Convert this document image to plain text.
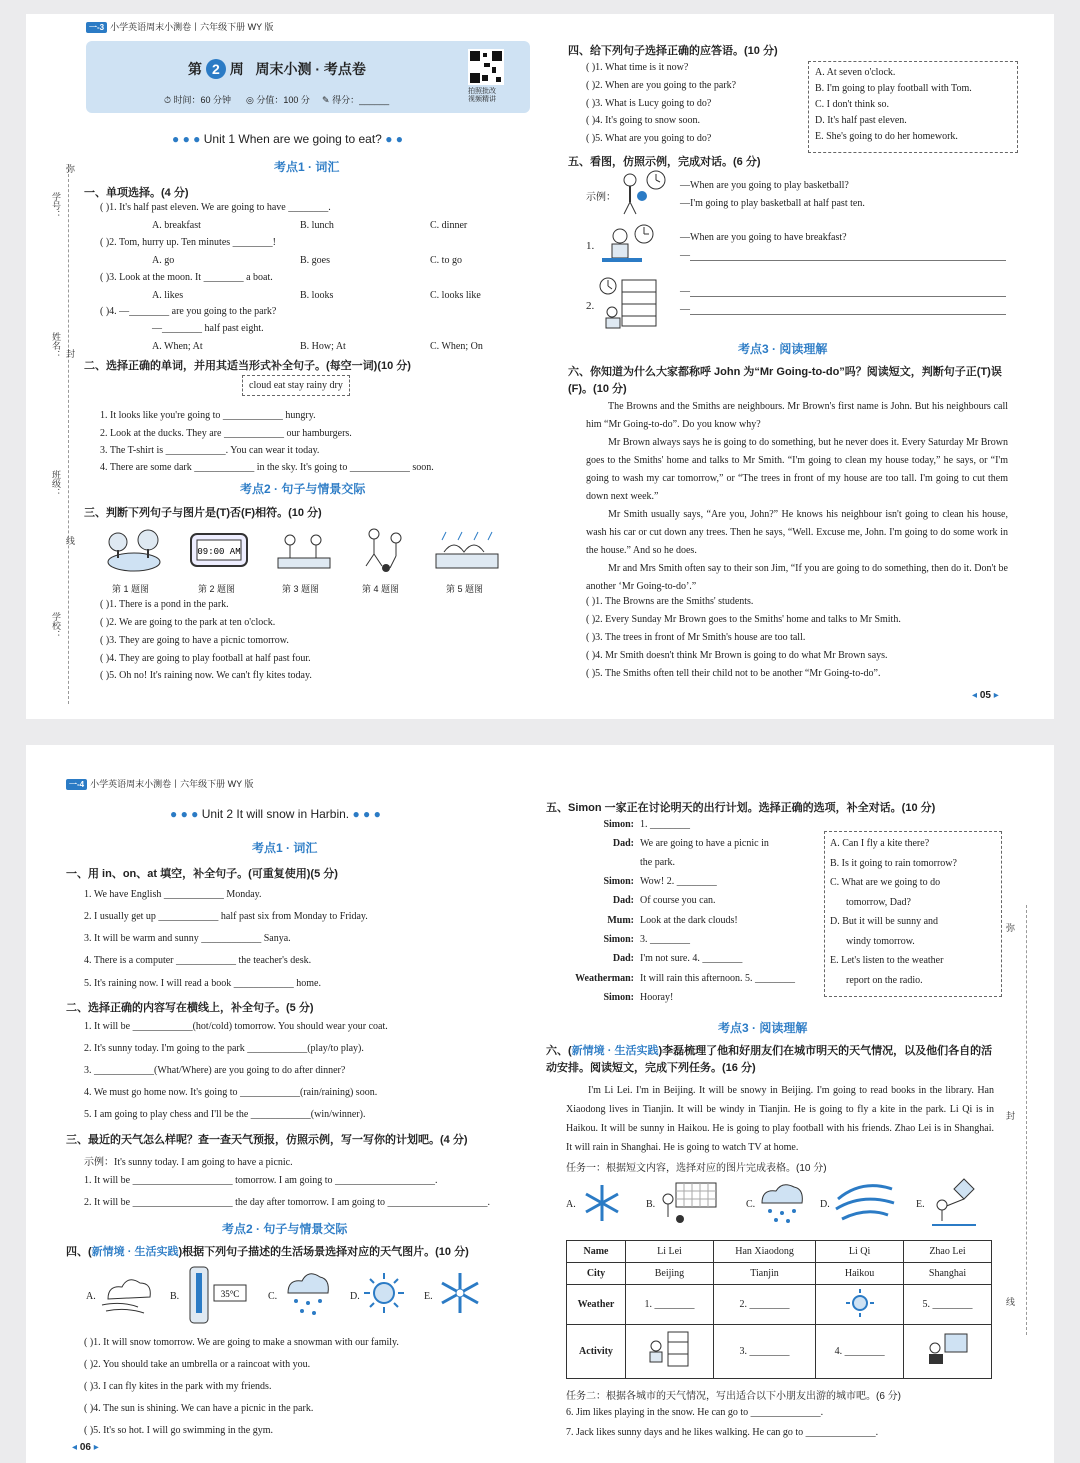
一-3 小学英语周末小测卷丨六年级下册 WY 版
第 2 周 周末小测 · 考点卷
⏱ 时间：60 分钟 ◎ 分值：100 分 ✎ 得分：______
拍照批改
视频精讲
● ● ● Unit 1 When are we going to eat? ● ●
考点1 · 词汇
一、单项选择。(4 分)
( )1. It's half past eleven. We are going to have ________.
A. breakfast	B. lunch	C. dinner
( )2. Tom, hurry up. Ten minutes ________!
A. go	B. goes	C. to go
( )3. Look at the moon. It ________ a boat.
A. likes	B. looks	C. looks like
( )4. —________ are you going to the park?
—________ half past eight.
A. When; At	B. How; At	C. When; On
二、选择正确的单词，并用其适当形式补全句子。(每空一词)(10 分)
cloud eat stay rainy dry
1. It looks like you're going to ____________ hungry.
2. Look at the ducks. They are ____________ our hamburgers.
3. The T-shirt is ____________. You can wear it today.
4. There are some dark ____________ in the sky. It's going to ____________ soon.
考点2 · 句子与情景交际
三、判断下列句子与图片是(T)否(F)相符。(10 分)
09:00 AM
第 1 题图	第 2 题图	第 3 题图	第 4 题图	第 5 题图
( )1. There is a pond in the park.
( )2. We are going to the park at ten o'clock.
( )3. They are going to have a picnic tomorrow.
( )4. They are going to play football at half past four.
( )5. Oh no! It's raining now. We can't fly kites today.
弥
封
线
学号：
姓名：
班级：
学校：
四、给下列句子选择正确的应答语。(10 分)
( )1. What time is it now?
( )2. When are you going to the park?
( )3. What is Lucy going to do?
( )4. It's going to snow soon.
( )5. What are you going to do?
A. At seven o'clock.
B. I'm going to play football with Tom.
C. I don't think so.
D. It's half past eleven.
E. She's going to do her homework.
五、看图，仿照示例，完成对话。(6 分)
示例：
—When are you going to play basketball?
—I'm going to play basketball at half past ten.
1.
—When are you going to have breakfast?
—
2.
—
—
考点3 · 阅读理解
六、你知道为什么大家都称呼 John 为“Mr Going-to-do”吗？阅读短文，判断句子正(T)误(F)。(10 分)
The Browns and the Smiths are neighbours. Mr Brown's first name is John. But his neighbours call him “Mr Going-to-do”. Do you know why?
Mr Brown always says he is going to do something, but he never does it. Every Saturday Mr Brown goes to the Smiths' home and talks to Mr Smith. “I'm going to clean my house today,” he says, or “I'm going to wash my car tomorrow,” or “The trees in front of my house are too tall. I'm going to cut them down next week.”
Mr Smith usually says, “Are you, John?” He knows his neighbour isn't going to clean his house, wash his car or cut down any trees. Then he says, “Well. Excuse me, John. I'm going to do some work in the house.” And so he does.
Mr and Mrs Smith often say to their son Jim, “If you are going to do something, then do it. Don't be another ‘Mr Going-to-do’.”
( )1. The Browns are the Smiths' students.
( )2. Every Sunday Mr Brown goes to the Smiths' home and talks to Mr Smith.
( )3. The trees in front of Mr Smith's house are too tall.
( )4. Mr Smith doesn't think Mr Brown is going to do what Mr Brown says.
( )5. The Smiths often tell their child not to be another “Mr Going-to-do”.
◂ 05 ▸
一-4 小学英语周末小测卷丨六年级下册 WY 版
● ● ● Unit 2 It will snow in Harbin. ● ● ●
考点1 · 词汇
一、用 in、on、at 填空，补全句子。(可重复使用)(5 分)
1. We have English ____________ Monday.
2. I usually get up ____________ half past six from Monday to Friday.
3. It will be warm and sunny ____________ Sanya.
4. There is a computer ____________ the teacher's desk.
5. It's raining now. I will read a book ____________ home.
二、选择正确的内容写在横线上，补全句子。(5 分)
1. It will be ____________(hot/cold) tomorrow. You should wear your coat.
2. It's sunny today. I'm going to the park ____________(play/to play).
3. ____________(What/Where) are you going to do after dinner?
4. We must go home now. It's going to ____________(rain/raining) soon.
5. I am going to play chess and I'll be the ____________(win/winner).
三、最近的天气怎么样呢？查一查天气预报，仿照示例，写一写你的计划吧。(4 分)
示例：It's sunny today. I am going to have a picnic.
1. It will be ____________________ tomorrow. I am going to ____________________.
2. It will be ____________________ the day after tomorrow. I am going to ____________________.
考点2 · 句子与情景交际
四、(新情境 · 生活实践)根据下列句子描述的生活场景选择对应的天气图片。(10 分)
A.	B.	35°C	C.	D.	E.
( )1. It will snow tomorrow. We are going to make a snowman with our family.
( )2. You should take an umbrella or a raincoat with you.
( )3. I can fly kites in the park with my friends.
( )4. The sun is shining. We can have a picnic in the park.
( )5. It's so hot. I will go swimming in the gym.
◂ 06 ▸
五、Simon 一家正在讨论明天的出行计划。选择正确的选项，补全对话。(10 分)
Simon: 1. ________
Dad: We are going to have a picnic in
the park.
Simon: Wow! 2. ________
Dad: Of course you can.
Mum: Look at the dark clouds!
Simon: 3. ________
Dad: I'm not sure. 4. ________
Weatherman: It will rain this afternoon. 5. ________
Simon: Hooray!
A. Can I fly a kite there?
B. Is it going to rain tomorrow?
C. What are we going to do
tomorrow, Dad?
D. But it will be sunny and
windy tomorrow.
E. Let's listen to the weather
report on the radio.
考点3 · 阅读理解
六、(新情境 · 生活实践)李磊梳理了他和好朋友们在城市明天的天气情况，以及他们各自的活动安排。阅读短文，完成下列任务。(16 分)
I'm Li Lei. I'm in Beijing. It will be snowy in Beijing. I'm going to read books in the library. Han Xiaodong lives in Tianjin. It will be windy in Tianjin. He is going to fly a kite in the park. Li Qi is in Haikou. It will be sunny in Haikou. He is going to play football with his friends. Zhao Lei is in Shanghai. It will rain in Shanghai. He is going to watch TV at home.
任务一：根据短文内容，选择对应的图片完成表格。(10 分)
A.	B.	C.	D.	E.
Name	Li Lei	Han Xiaodong	Li Qi	Zhao Lei
City	Beijing	Tianjin	Haikou	Shanghai
Weather	1. ________	2. ________		5. ________
Activity		3. ________	4. ________	
任务二：根据各城市的天气情况，写出适合以下小朋友出游的城市吧。(6 分)
6. Jim likes playing in the snow. He can go to ______________.
7. Jack likes sunny days and he likes walking. He can go to ______________.
弥
封
线
